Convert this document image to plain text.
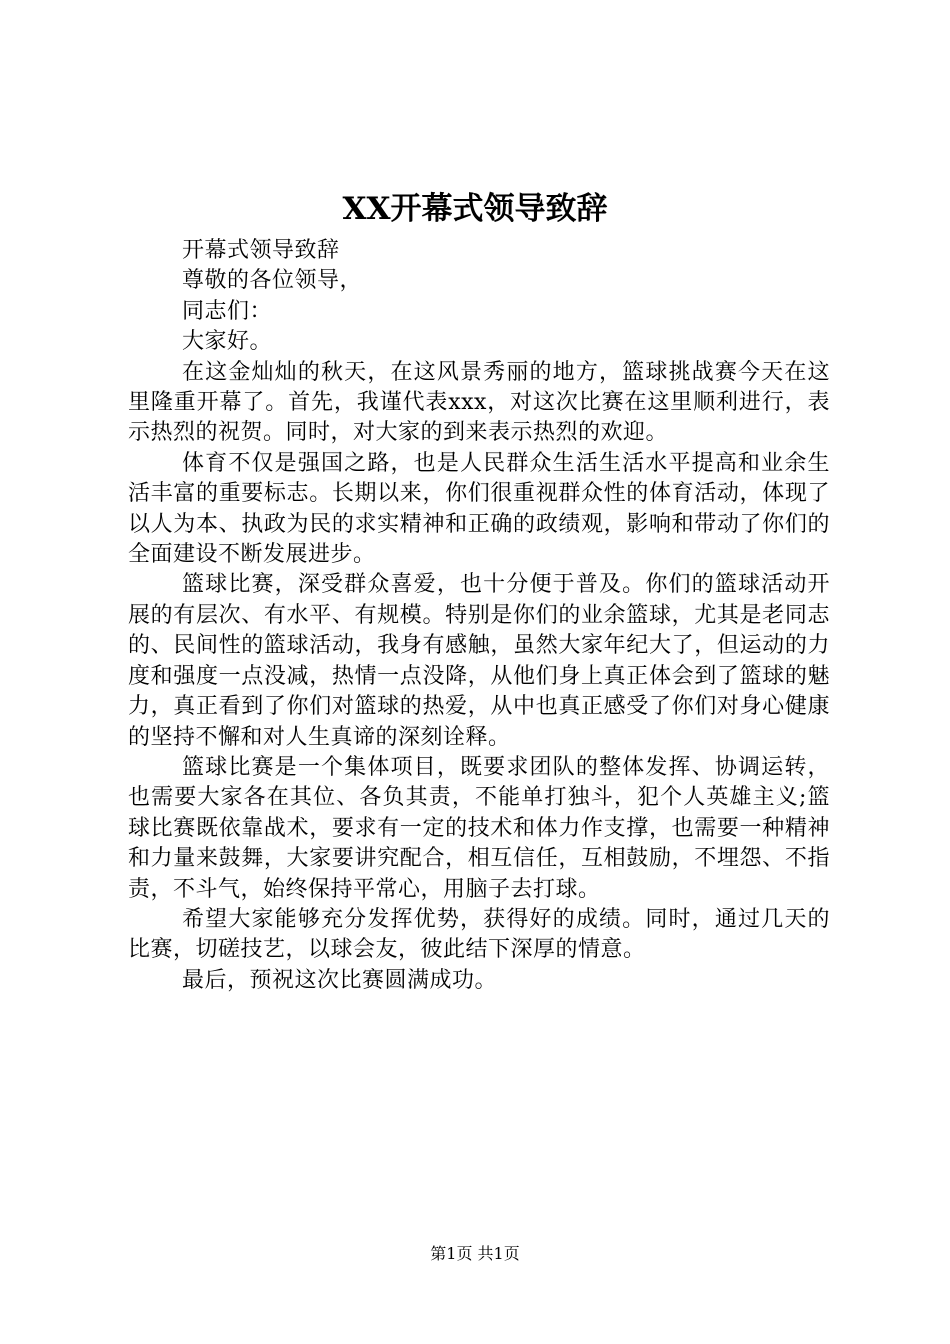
XX开幕式领导致辞

开幕式领导致辞

尊敬的各位领导，

同志们：

大家好。

在这金灿灿的秋天，在这风景秀丽的地方，篮球挑战赛今天在这里隆重开幕了。首先，我谨代表xxx，对这次比赛在这里顺利进行，表示热烈的祝贺。同时，对大家的到来表示热烈的欢迎。

体育不仅是强国之路，也是人民群众生活生活水平提高和业余生活丰富的重要标志。长期以来，你们很重视群众性的体育活动，体现了以人为本、执政为民的求实精神和正确的政绩观，影响和带动了你们的全面建设不断发展进步。

篮球比赛，深受群众喜爱，也十分便于普及。你们的篮球活动开展的有层次、有水平、有规模。特别是你们的业余篮球，尤其是老同志的、民间性的篮球活动，我身有感触，虽然大家年纪大了，但运动的力度和强度一点没减，热情一点没降，从他们身上真正体会到了篮球的魅力，真正看到了你们对篮球的热爱，从中也真正感受了你们对身心健康的坚持不懈和对人生真谛的深刻诠释。

篮球比赛是一个集体项目，既要求团队的整体发挥、协调运转，也需要大家各在其位、各负其责，不能单打独斗，犯个人英雄主义;篮球比赛既依靠战术，要求有一定的技术和体力作支撑，也需要一种精神和力量来鼓舞，大家要讲究配合，相互信任，互相鼓励，不埋怨、不指责，不斗气，始终保持平常心，用脑子去打球。

希望大家能够充分发挥优势，获得好的成绩。同时，通过几天的比赛，切磋技艺，以球会友，彼此结下深厚的情意。

最后，预祝这次比赛圆满成功。

第1页 共1页
